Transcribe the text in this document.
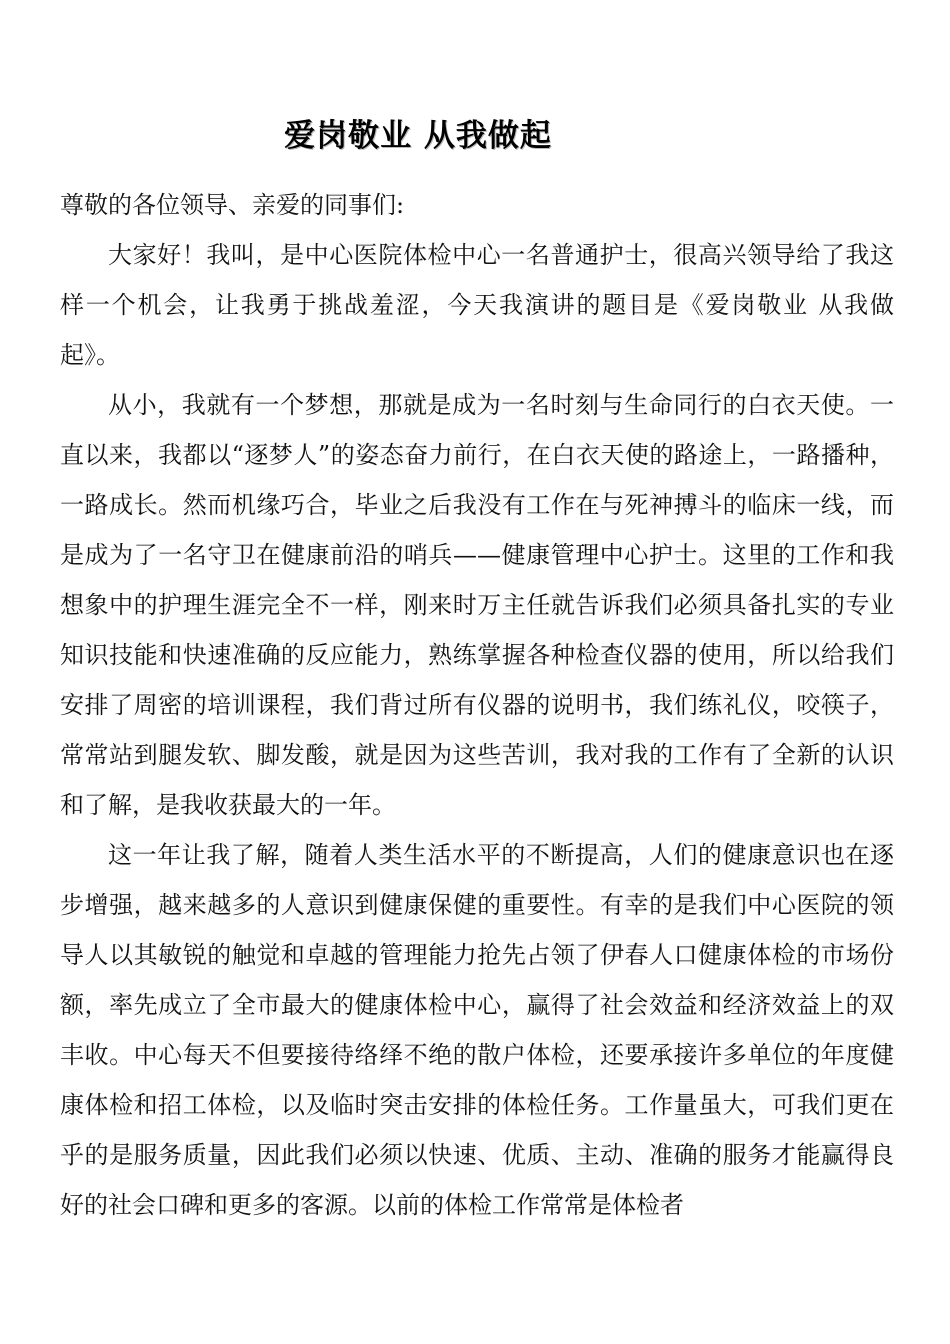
爱岗敬业 从我做起

尊敬的各位领导、亲爱的同事们:

大家好！我叫，是中心医院体检中心一名普通护士，很高兴领导给了我这样一个机会，让我勇于挑战羞涩，今天我演讲的题目是《爱岗敬业 从我做起》。

从小，我就有一个梦想，那就是成为一名时刻与生命同行的白衣天使。一直以来，我都以“逐梦人”的姿态奋力前行，在白衣天使的路途上，一路播种，一路成长。然而机缘巧合，毕业之后我没有工作在与死神搏斗的临床一线，而是成为了一名守卫在健康前沿的哨兵——健康管理中心护士。这里的工作和我想象中的护理生涯完全不一样，刚来时万主任就告诉我们必须具备扎实的专业知识技能和快速准确的反应能力，熟练掌握各种检查仪器的使用，所以给我们安排了周密的培训课程，我们背过所有仪器的说明书，我们练礼仪，咬筷子，常常站到腿发软、脚发酸，就是因为这些苦训，我对我的工作有了全新的认识和了解，是我收获最大的一年。

这一年让我了解，随着人类生活水平的不断提高，人们的健康意识也在逐步增强，越来越多的人意识到健康保健的重要性。有幸的是我们中心医院的领导人以其敏锐的触觉和卓越的管理能力抢先占领了伊春人口健康体检的市场份额，率先成立了全市最大的健康体检中心，赢得了社会效益和经济效益上的双丰收。中心每天不但要接待络绎不绝的散户体检，还要承接许多单位的年度健康体检和招工体检，以及临时突击安排的体检任务。工作量虽大，可我们更在乎的是服务质量，因此我们必须以快速、优质、主动、准确的服务才能赢得良好的社会口碑和更多的客源。以前的体检工作常常是体检者
